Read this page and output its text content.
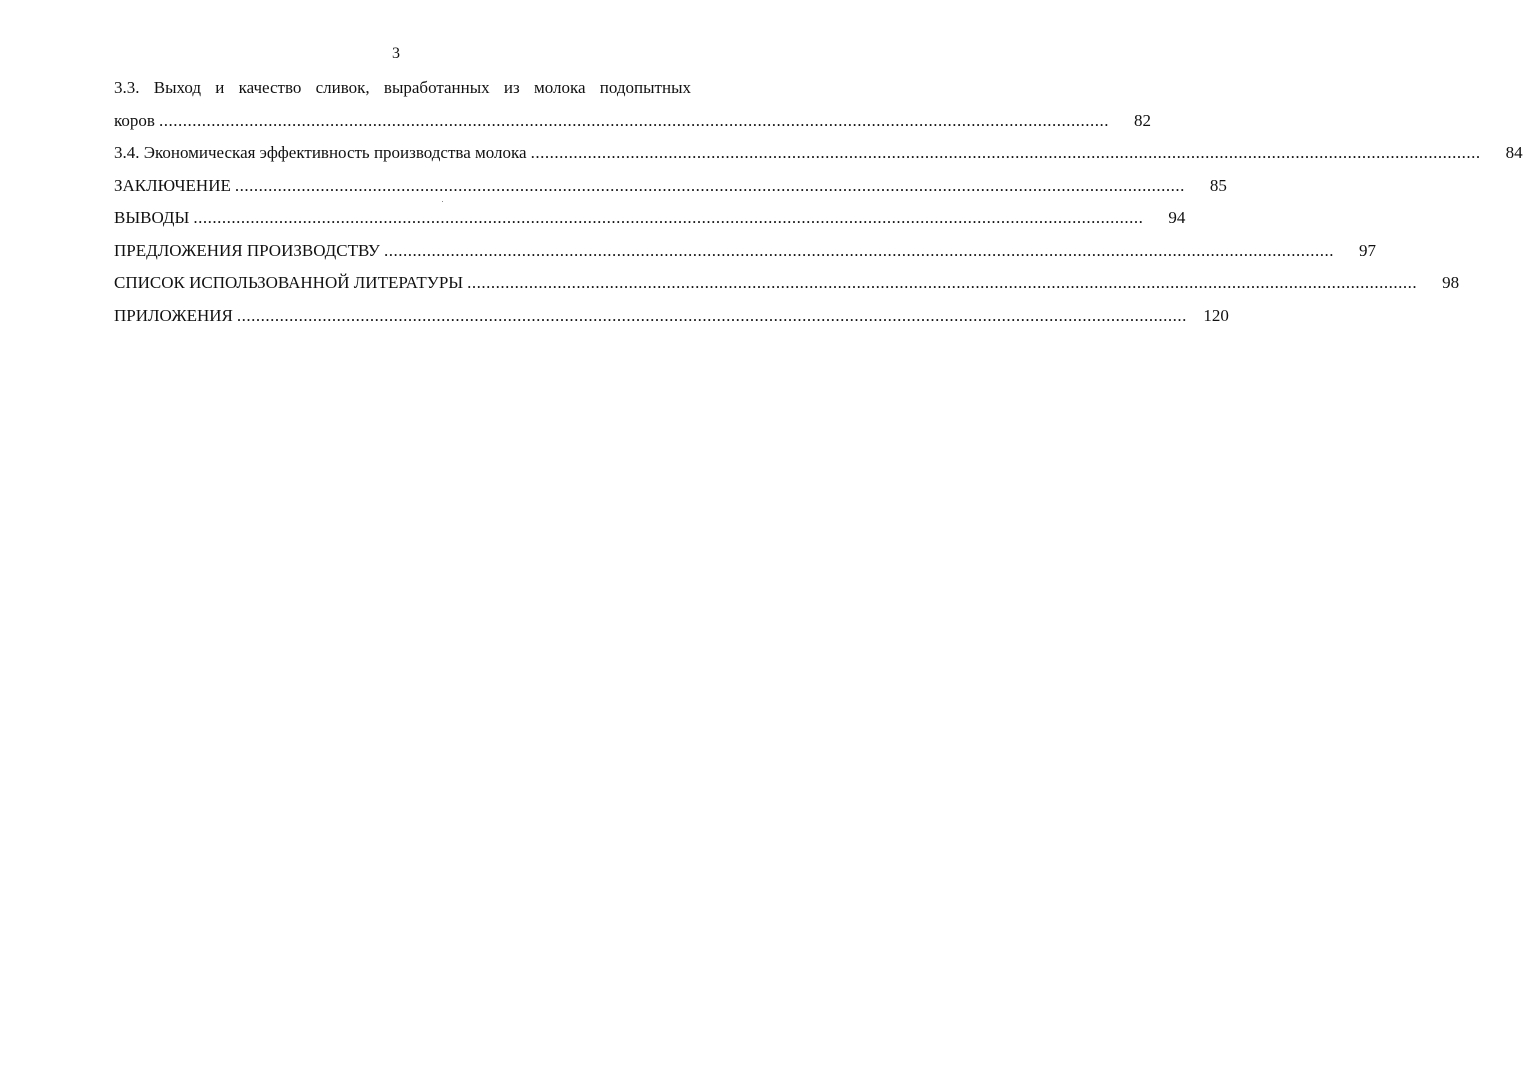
3
3.3. Выход и качество сливок, выработанных из молока подопытных
коров ........................................................................................................................................................................................................	82
3.4. Экономическая эффективность производства молока ........................................................................................................................................................................................................	84
ЗАКЛЮЧЕНИЕ ........................................................................................................................................................................................................	85
ВЫВОДЫ ........................................................................................................................................................................................................	94
ПРЕДЛОЖЕНИЯ ПРОИЗВОДСТВУ ........................................................................................................................................................................................................	97
СПИСОК ИСПОЛЬЗОВАННОЙ ЛИТЕРАТУРЫ ........................................................................................................................................................................................................	98
ПРИЛОЖЕНИЯ ........................................................................................................................................................................................................ 120
